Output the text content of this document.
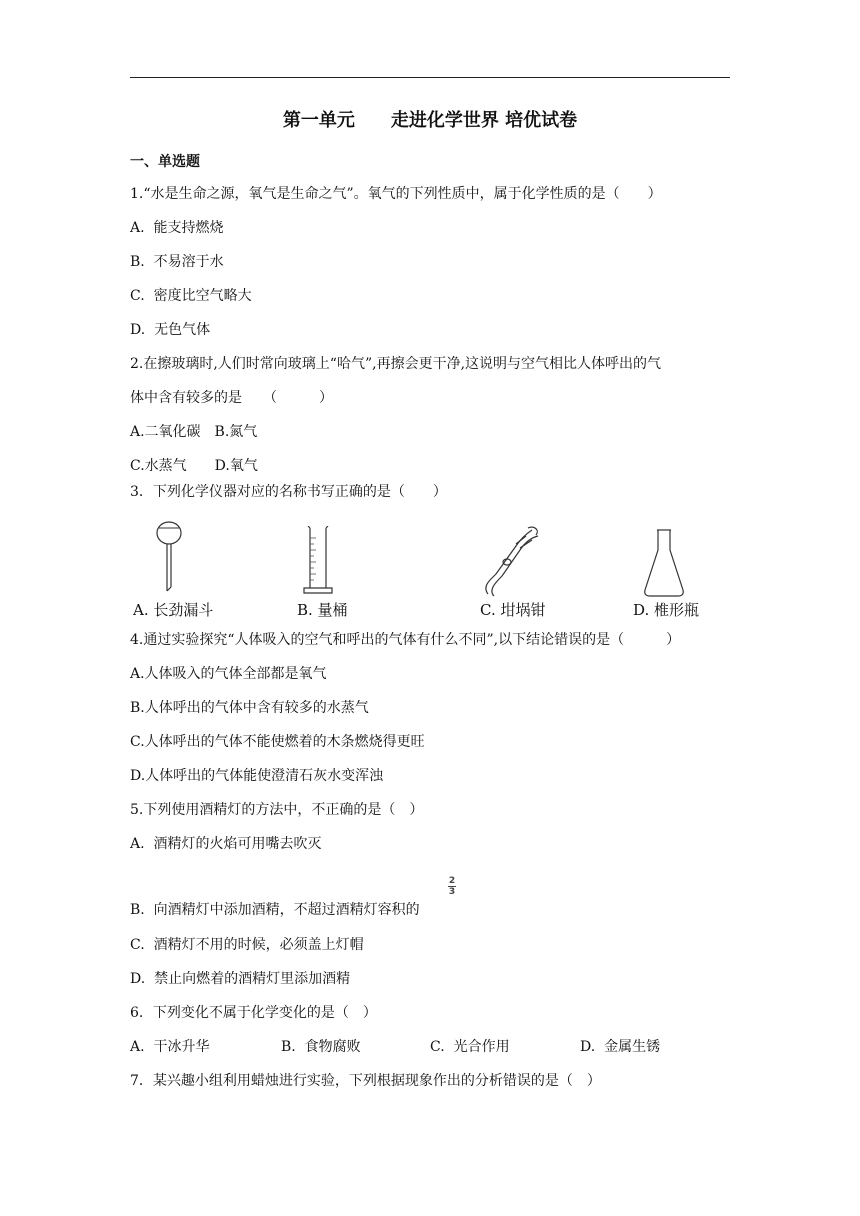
第一单元　　走进化学世界 培优试卷
一、单选题
1.“水是生命之源，氧气是生命之气”。氧气的下列性质中，属于化学性质的是（　　）
A.  能支持燃烧
B.  不易溶于水
C.  密度比空气略大
D.  无色气体
2.在擦玻璃时,人们时常向玻璃上“哈气”,再擦会更干净,这说明与空气相比人体呼出的气
体中含有较多的是　　（　　　）
A.二氧化碳　B.氮气
C.水蒸气　　D.氧气
3．下列化学仪器对应的名称书写正确的是（　　）
A. 长劲漏斗	B. 量桶	C. 坩埚钳	D. 椎形瓶
4.通过实验探究“人体吸入的空气和呼出的气体有什么不同”,以下结论错误的是（　　　）
A.人体吸入的气体全部都是氧气
B.人体呼出的气体中含有较多的水蒸气
C.人体呼出的气体不能使燃着的木条燃烧得更旺
D.人体呼出的气体能使澄清石灰水变浑浊
5.下列使用酒精灯的方法中，不正确的是（　）
A.  酒精灯的火焰可用嘴去吹灭
B.  向酒精灯中添加酒精，不超过酒精灯容积的
2
3
C.  酒精灯不用的时候，必须盖上灯帽
D.  禁止向燃着的酒精灯里添加酒精
6．下列变化不属于化学变化的是（　）
A.  干冰升华	B.  食物腐败	C.  光合作用	D.  金属生锈
7．某兴趣小组利用蜡烛进行实验，下列根据现象作出的分析错误的是（　）
